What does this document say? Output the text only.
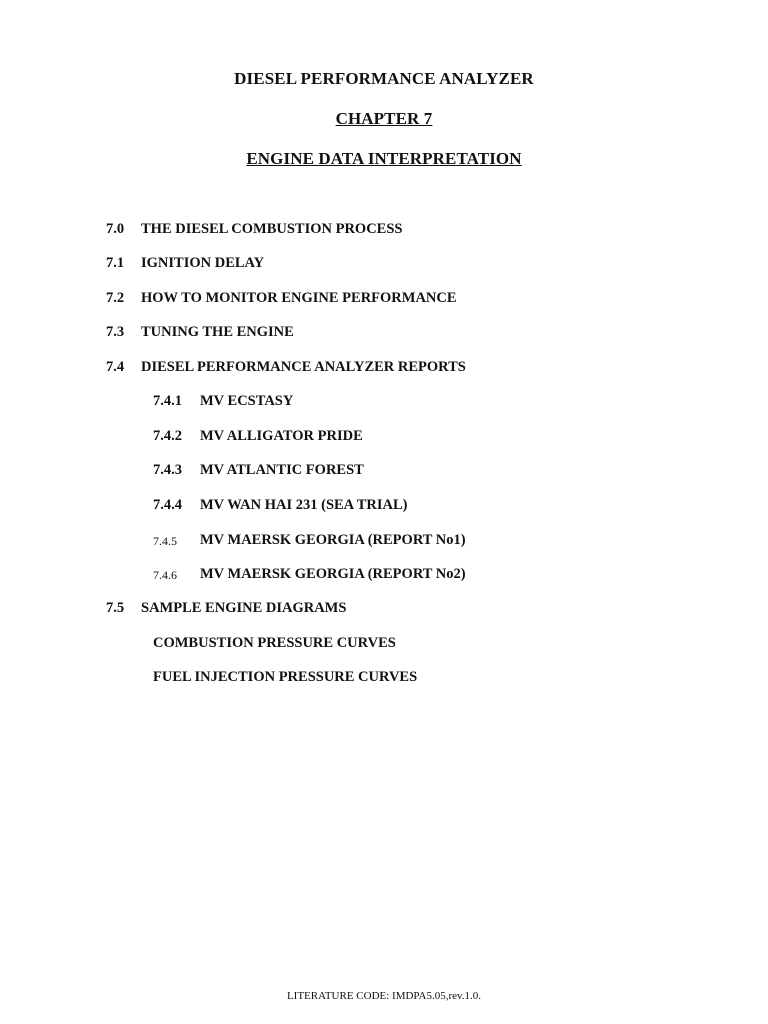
DIESEL PERFORMANCE ANALYZER
CHAPTER 7
ENGINE DATA INTERPRETATION
7.0 THE DIESEL COMBUSTION PROCESS
7.1 IGNITION DELAY
7.2 HOW TO MONITOR ENGINE PERFORMANCE
7.3 TUNING THE ENGINE
7.4 DIESEL PERFORMANCE ANALYZER REPORTS
7.4.1 MV ECSTASY
7.4.2 MV ALLIGATOR PRIDE
7.4.3 MV ATLANTIC FOREST
7.4.4 MV WAN HAI 231 (SEA TRIAL)
7.4.5 MV MAERSK GEORGIA (REPORT No1)
7.4.6 MV MAERSK GEORGIA (REPORT No2)
7.5 SAMPLE ENGINE DIAGRAMS
COMBUSTION PRESSURE CURVES
FUEL INJECTION PRESSURE CURVES
LITERATURE CODE: IMDPA5.05,rev.1.0.
